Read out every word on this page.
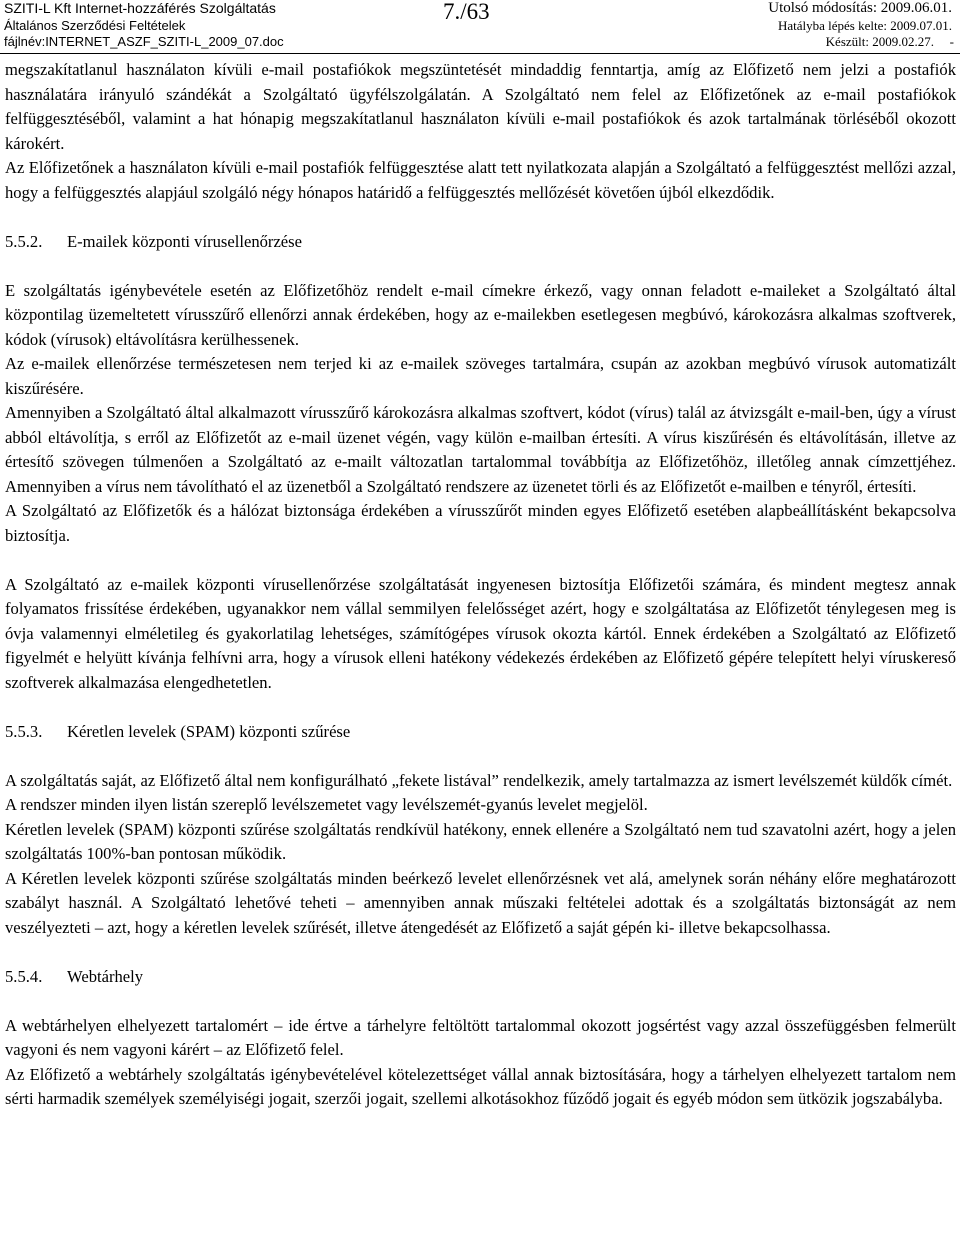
SZITI-L Kft Internet-hozzáférés Szolgáltatás
Általános Szerződési Feltételek
fájlnév:INTERNET_ASZF_SZITI-L_2009_07.doc
7./63	Utolsó módosítás: 2009.06.01.
Hatályba lépés kelte: 2009.07.01.
Készült: 2009.02.27. -

megszakítatlanul használaton kívüli e-mail postafiókok megszüntetését mindaddig fenntartja, amíg az Előfizető nem jelzi a postafiók használatára irányuló szándékát a Szolgáltató ügyfélszolgálatán. A Szolgáltató nem felel az Előfizetőnek az e-mail postafiókok felfüggesztéséből, valamint a hat hónapig megszakítatlanul használaton kívüli e-mail postafiókok és azok tartalmának törléséből okozott károkért.

Az Előfizetőnek a használaton kívüli e-mail postafiók felfüggesztése alatt tett nyilatkozata alapján a Szolgáltató a felfüggesztést mellőzi azzal, hogy a felfüggesztés alapjául szolgáló négy hónapos határidő a felfüggesztés mellőzését követően újból elkezdődik.

5.5.2. E-mailek központi vírusellenőrzése

E szolgáltatás igénybevétele esetén az Előfizetőhöz rendelt e-mail címekre érkező, vagy onnan feladott e-maileket a Szolgáltató által központilag üzemeltetett vírusszűrő ellenőrzi annak érdekében, hogy az e-mailekben esetlegesen megbúvó, károkozásra alkalmas szoftverek, kódok (vírusok) eltávolításra kerülhessenek.

Az e-mailek ellenőrzése természetesen nem terjed ki az e-mailek szöveges tartalmára, csupán az azokban megbúvó vírusok automatizált kiszűrésére.

Amennyiben a Szolgáltató által alkalmazott vírusszűrő károkozásra alkalmas szoftvert, kódot (vírus) talál az átvizsgált e-mail-ben, úgy a vírust abból eltávolítja, s erről az Előfizetőt az e-mail üzenet végén, vagy külön e-mailban értesíti. A vírus kiszűrésén és eltávolításán, illetve az értesítő szövegen túlmenően a Szolgáltató az e-mailt változatlan tartalommal továbbítja az Előfizetőhöz, illetőleg annak címzettjéhez. Amennyiben a vírus nem távolítható el az üzenetből a Szolgáltató rendszere az üzenetet törli és az Előfizetőt e-mailben e tényről, értesíti.

A Szolgáltató az Előfizetők és a hálózat biztonsága érdekében a vírusszűrőt minden egyes Előfizető esetében alapbeállításként bekapcsolva biztosítja.

A Szolgáltató az e-mailek központi vírusellenőrzése szolgáltatását ingyenesen biztosítja Előfizetői számára, és mindent megtesz annak folyamatos frissítése érdekében, ugyanakkor nem vállal semmilyen felelősséget azért, hogy e szolgáltatása az Előfizetőt ténylegesen meg is óvja valamennyi elméletileg és gyakorlatilag lehetséges, számítógépes vírusok okozta kártól. Ennek érdekében a Szolgáltató az Előfizető figyelmét e helyütt kívánja felhívni arra, hogy a vírusok elleni hatékony védekezés érdekében az Előfizető gépére telepített helyi víruskereső szoftverek alkalmazása elengedhetetlen.

5.5.3. Kéretlen levelek (SPAM) központi szűrése

A szolgáltatás saját, az Előfizető által nem konfigurálható „fekete listával” rendelkezik, amely tartalmazza az ismert levélszemét küldők címét.

A rendszer minden ilyen listán szereplő levélszemetet vagy levélszemét-gyanús levelet megjelöl.

Kéretlen levelek (SPAM) központi szűrése szolgáltatás rendkívül hatékony, ennek ellenére a Szolgáltató nem tud szavatolni azért, hogy a jelen szolgáltatás 100%-ban pontosan működik.

A Kéretlen levelek központi szűrése szolgáltatás minden beérkező levelet ellenőrzésnek vet alá, amelynek során néhány előre meghatározott szabályt használ. A Szolgáltató lehetővé teheti – amennyiben annak műszaki feltételei adottak és a szolgáltatás biztonságát az nem veszélyezteti – azt, hogy a kéretlen levelek szűrését, illetve átengedését az Előfizető a saját gépén ki- illetve bekapcsolhassa.

5.5.4. Webtárhely

A webtárhelyen elhelyezett tartalomért – ide értve a tárhelyre feltöltött tartalommal okozott jogsértést vagy azzal összefüggésben felmerült vagyoni és nem vagyoni kárért – az Előfizető felel.

Az Előfizető a webtárhely szolgáltatás igénybevételével kötelezettséget vállal annak biztosítására, hogy a tárhelyen elhelyezett tartalom nem sérti harmadik személyek személyiségi jogait, szerzői jogait, szellemi alkotásokhoz fűződő jogait és egyéb módon sem ütközik jogszabályba.
